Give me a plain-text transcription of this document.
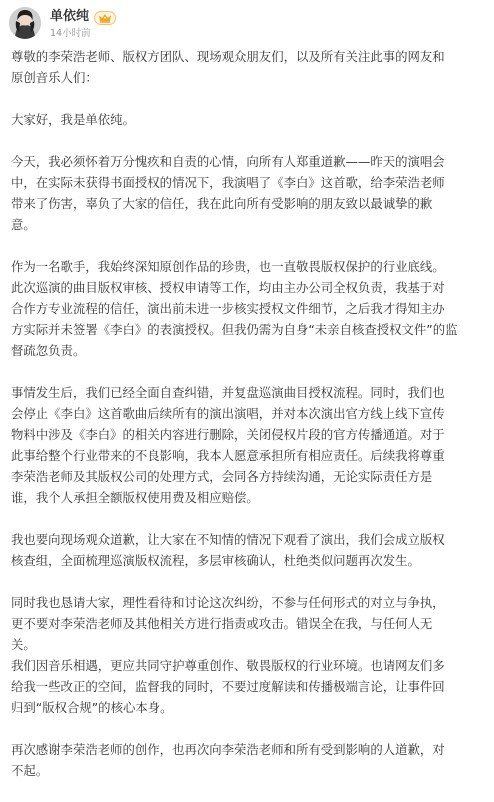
单依纯
14小时前

尊敬的李荣浩老师、版权方团队、现场观众朋友们，以及所有关注此事的网友和
原创音乐人们：

大家好，我是单依纯。

今天，我必须怀着万分愧疚和自责的心情，向所有人郑重道歉——昨天的演唱会
中，在实际未获得书面授权的情况下，我演唱了《李白》这首歌，给李荣浩老师
带来了伤害，辜负了大家的信任，我在此向所有受影响的朋友致以最诚挚的歉
意。

作为一名歌手，我始终深知原创作品的珍贵，也一直敬畏版权保护的行业底线。
此次巡演的曲目版权审核、授权申请等工作，均由主办公司全权负责，我基于对
合作方专业流程的信任，演出前未进一步核实授权文件细节，之后我才得知主办
方实际并未签署《李白》的表演授权。但我仍需为自身“未亲自核查授权文件”的监
督疏忽负责。

事情发生后，我们已经全面自查纠错，并复盘巡演曲目授权流程。同时，我们也
会停止《李白》这首歌曲后续所有的演出演唱，并对本次演出官方线上线下宣传
物料中涉及《李白》的相关内容进行删除，关闭侵权片段的官方传播通道。对于
此事给整个行业带来的不良影响，我本人愿意承担所有相应责任。后续我将尊重
李荣浩老师及其版权公司的处理方式，会同各方持续沟通，无论实际责任方是
谁，我个人承担全额版权使用费及相应赔偿。

我也要向现场观众道歉，让大家在不知情的情况下观看了演出，我们会成立版权
核查组，全面梳理巡演版权流程，多层审核确认，杜绝类似问题再次发生。

同时我也恳请大家，理性看待和讨论这次纠纷，不参与任何形式的对立与争执，
更不要对李荣浩老师及其他相关方进行指责或攻击。错误全在我，与任何人无
关。

我们因音乐相遇，更应共同守护尊重创作、敬畏版权的行业环境。也请网友们多
给我一些改正的空间，监督我的同时，不要过度解读和传播极端言论，让事件回
归到“版权合规”的核心本身。

再次感谢李荣浩老师的创作，也再次向李荣浩老师和所有受到影响的人道歉，对
不起。
